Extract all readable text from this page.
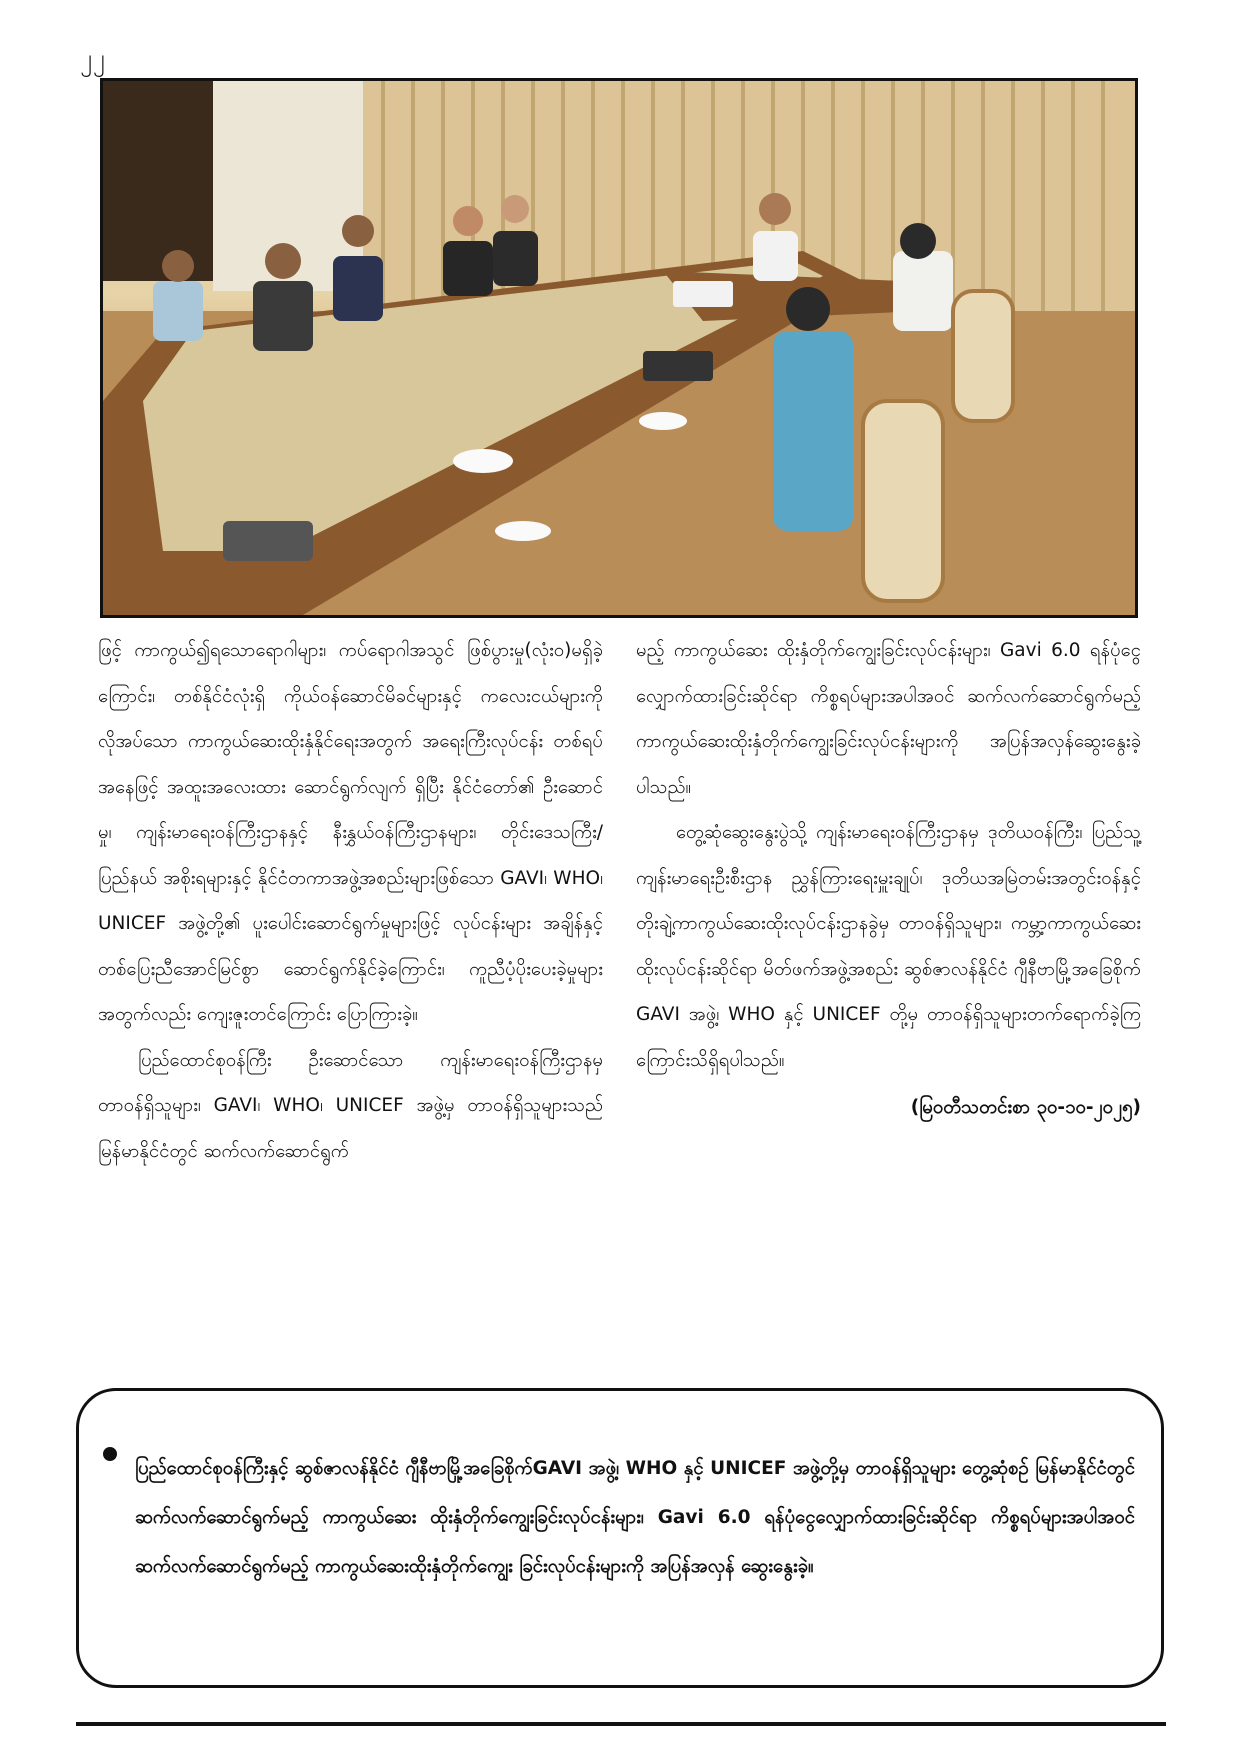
၂၂

ဖြင့် ကာကွယ်၍ရသောရောဂါများ၊ ကပ်ရောဂါအသွင် ဖြစ်ပွားမှု(လုံးဝ)မရှိခဲ့ကြောင်း၊ တစ်နိုင်ငံလုံးရှိ ကိုယ်ဝန်ဆောင်မိခင်များနှင့် ကလေးငယ်များကို လိုအပ်သော ကာကွယ်ဆေးထိုးနှံနိုင်ရေးအတွက် အရေးကြီးလုပ်ငန်း တစ်ရပ်အနေဖြင့် အထူးအလေးထား ဆောင်ရွက်လျက် ရှိပြီး နိုင်ငံတော်၏ ဦးဆောင်မှု၊ ကျန်းမာရေးဝန်ကြီးဌာနနှင့် နီးနွှယ်ဝန်ကြီးဌာနများ၊ တိုင်းဒေသကြီး/ပြည်နယ် အစိုးရများနှင့် နိုင်ငံတကာအဖွဲ့အစည်းများဖြစ်သော GAVI၊ WHO၊ UNICEF အဖွဲ့တို့၏ ပူးပေါင်းဆောင်ရွက်မှုများဖြင့် လုပ်ငန်းများ အချိန်နှင့်တစ်ပြေးညီအောင်မြင်စွာ ဆောင်ရွက်နိုင်ခဲ့ကြောင်း၊ ကူညီပံ့ပိုးပေးခဲ့မှုများအတွက်လည်း ကျေးဇူးတင်ကြောင်း ပြောကြားခဲ့။

ပြည်ထောင်စုဝန်ကြီး ဦးဆောင်သော ကျန်းမာရေးဝန်ကြီးဌာနမှ တာဝန်ရှိသူများ၊ GAVI၊ WHO၊ UNICEF အဖွဲ့မှ တာဝန်ရှိသူများသည် မြန်မာနိုင်ငံတွင် ဆက်လက်ဆောင်ရွက်

မည့် ကာကွယ်ဆေး ထိုးနှံတိုက်ကျွေးခြင်းလုပ်ငန်းများ၊ Gavi 6.0 ရန်ပုံငွေလျှောက်ထားခြင်းဆိုင်ရာ ကိစ္စရပ်များအပါအဝင် ဆက်လက်ဆောင်ရွက်မည့် ကာကွယ်ဆေးထိုးနှံတိုက်ကျွေးခြင်းလုပ်ငန်းများကို အပြန်အလှန်ဆွေးနွေးခဲ့ပါသည်။

တွေ့ဆုံဆွေးနွေးပွဲသို့ ကျန်းမာရေးဝန်ကြီးဌာနမှ ဒုတိယဝန်ကြီး၊ ပြည်သူ့ကျန်းမာရေးဦးစီးဌာန ညွှန်ကြားရေးမှူးချုပ်၊ ဒုတိယအမြဲတမ်းအတွင်းဝန်နှင့် တိုးချဲ့ကာကွယ်ဆေးထိုးလုပ်ငန်းဌာနခွဲမှ တာဝန်ရှိသူများ၊ ကမ္ဘာ့ကာကွယ်ဆေးထိုးလုပ်ငန်းဆိုင်ရာ မိတ်ဖက်အဖွဲ့အစည်း ဆွစ်ဇာလန်နိုင်ငံ ဂျီနီဗာမြို့အခြေစိုက် GAVI အဖွဲ့၊ WHO နှင့် UNICEF တို့မှ တာဝန်ရှိသူများတက်ရောက်ခဲ့ကြကြောင်းသိရှိရပါသည်။

(မြဝတီသတင်းစာ ၃၀-၁၀-၂၀၂၅)

ပြည်ထောင်စုဝန်ကြီးနှင့် ဆွစ်ဇာလန်နိုင်ငံ ဂျီနီဗာမြို့အခြေစိုက်GAVI အဖွဲ့၊ WHO နှင့် UNICEF အဖွဲ့တို့မှ တာဝန်ရှိသူများ တွေ့ဆုံစဉ် မြန်မာနိုင်ငံတွင် ဆက်လက်ဆောင်ရွက်မည့် ကာကွယ်ဆေး ထိုးနှံတိုက်ကျွေးခြင်းလုပ်ငန်းများ၊ Gavi 6.0 ရန်ပုံငွေလျှောက်ထားခြင်းဆိုင်ရာ ကိစ္စရပ်များအပါအဝင် ဆက်လက်ဆောင်ရွက်မည့် ကာကွယ်ဆေးထိုးနှံတိုက်ကျွေး ခြင်းလုပ်ငန်းများကို အပြန်အလှန် ဆွေးနွေးခဲ့။
